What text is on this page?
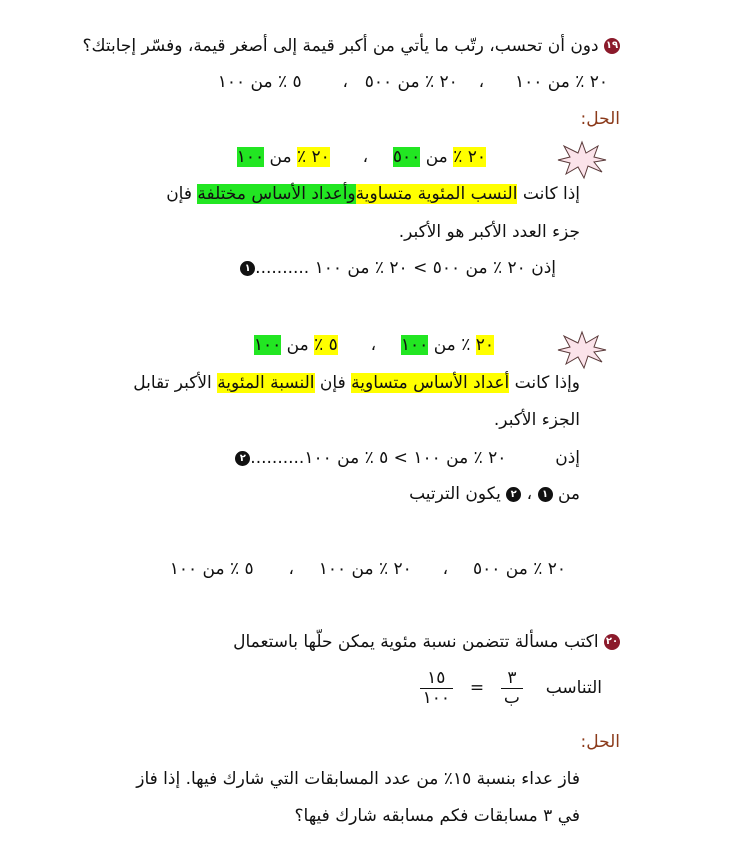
١٩ دون أن تحسب، رتّب ما يأتي من أكبر قيمة إلى أصغر قيمة، وفسّر إجابتك؟
٢٠ ٪ من ١٠٠  ،  ٢٠ ٪ من ٥٠٠  ،  ٥ ٪ من ١٠٠
الحل:
٢٠ ٪ من ٥٠٠  ،  ٢٠ ٪ من ١٠٠
إذا كانت النسب المئوية متساويةوأعداد الأساس مختلفة فإن
جزء العدد الأكبر هو الأكبر.
إذن ٢٠ ٪ من ٥٠٠ > ٢٠ ٪ من ١٠٠ ..........١
٢٠ ٪ من ١٠٠  ،  ٥ ٪ من ١٠٠
وإذا كانت أعداد الأساس متساوية فإن النسبة المئوية الأكبر تقابل
الجزء الأكبر.
إذن  ٢٠ ٪ من ١٠٠ > ٥ ٪ من ١٠٠..........٢
من ١ ، ٢ يكون الترتيب
٢٠ ٪ من ٥٠٠  ،  ٢٠ ٪ من ١٠٠  ،  ٥ ٪ من ١٠٠
٢٠ اكتب مسألة تتضمن نسبة مئوية يمكن حلّها باستعمال
التناسب
$\frac{٣}{\text{ب}}$
=
$\frac{١٥}{١٠٠}$
الحل:
فاز عداء بنسبة ١٥٪ من عدد المسابقات التي شارك فيها. إذا فاز
في ٣ مسابقات فكم مسابقه شارك فيها؟
